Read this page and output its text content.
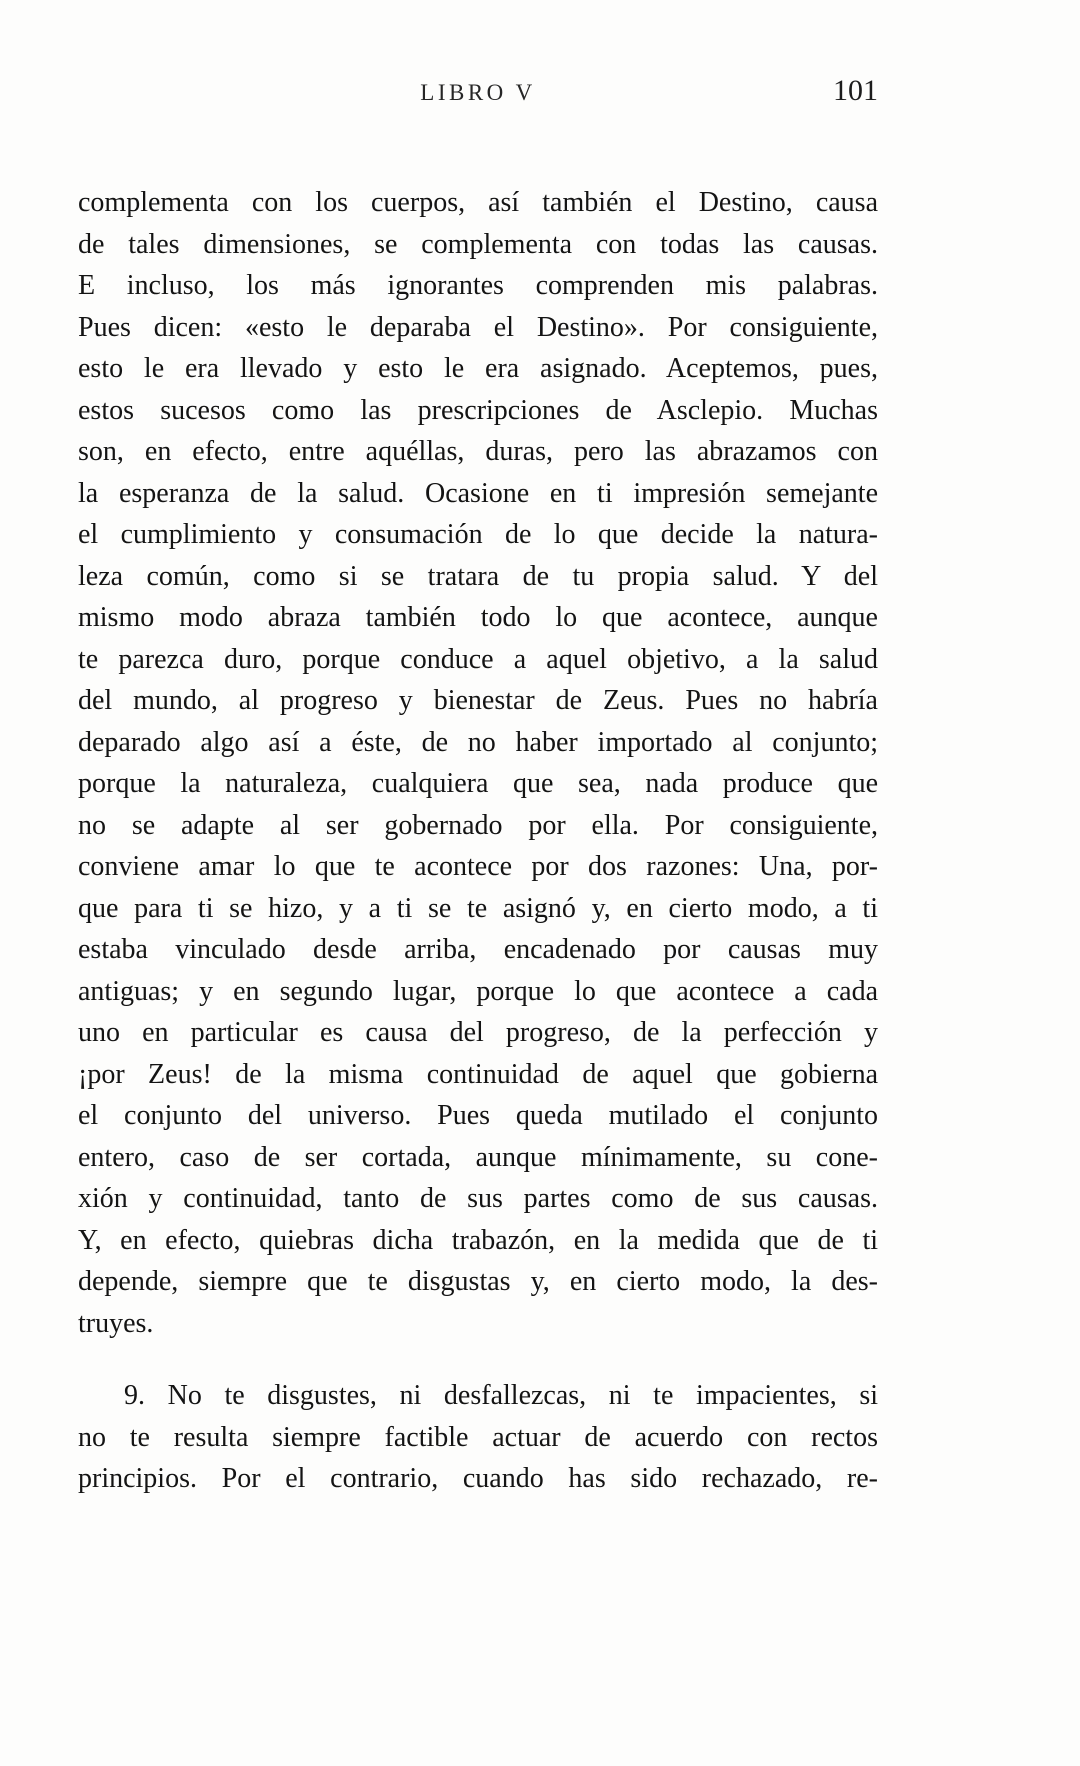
LIBRO V	101
complementa con los cuerpos, así también el Destino, causa
de tales dimensiones, se complementa con todas las causas.
E incluso, los más ignorantes comprenden mis palabras.
Pues dicen: «esto le deparaba el Destino». Por consiguiente,
esto le era llevado y esto le era asignado. Aceptemos, pues,
estos sucesos como las prescripciones de Asclepio. Muchas
son, en efecto, entre aquéllas, duras, pero las abrazamos con
la esperanza de la salud. Ocasione en ti impresión semejante
el cumplimiento y consumación de lo que decide la natura-
leza común, como si se tratara de tu propia salud. Y del
mismo modo abraza también todo lo que acontece, aunque
te parezca duro, porque conduce a aquel objetivo, a la salud
del mundo, al progreso y bienestar de Zeus. Pues no habría
deparado algo así a éste, de no haber importado al conjunto;
porque la naturaleza, cualquiera que sea, nada produce que
no se adapte al ser gobernado por ella. Por consiguiente,
conviene amar lo que te acontece por dos razones: Una, por-
que para ti se hizo, y a ti se te asignó y, en cierto modo, a ti
estaba vinculado desde arriba, encadenado por causas muy
antiguas; y en segundo lugar, porque lo que acontece a cada
uno en particular es causa del progreso, de la perfección y
¡por Zeus! de la misma continuidad de aquel que gobierna
el conjunto del universo. Pues queda mutilado el conjunto
entero, caso de ser cortada, aunque mínimamente, su cone-
xión y continuidad, tanto de sus partes como de sus causas.
Y, en efecto, quiebras dicha trabazón, en la medida que de ti
depende, siempre que te disgustas y, en cierto modo, la des-
truyes.
9. No te disgustes, ni desfallezcas, ni te impacientes, si
no te resulta siempre factible actuar de acuerdo con rectos
principios. Por el contrario, cuando has sido rechazado, re-
